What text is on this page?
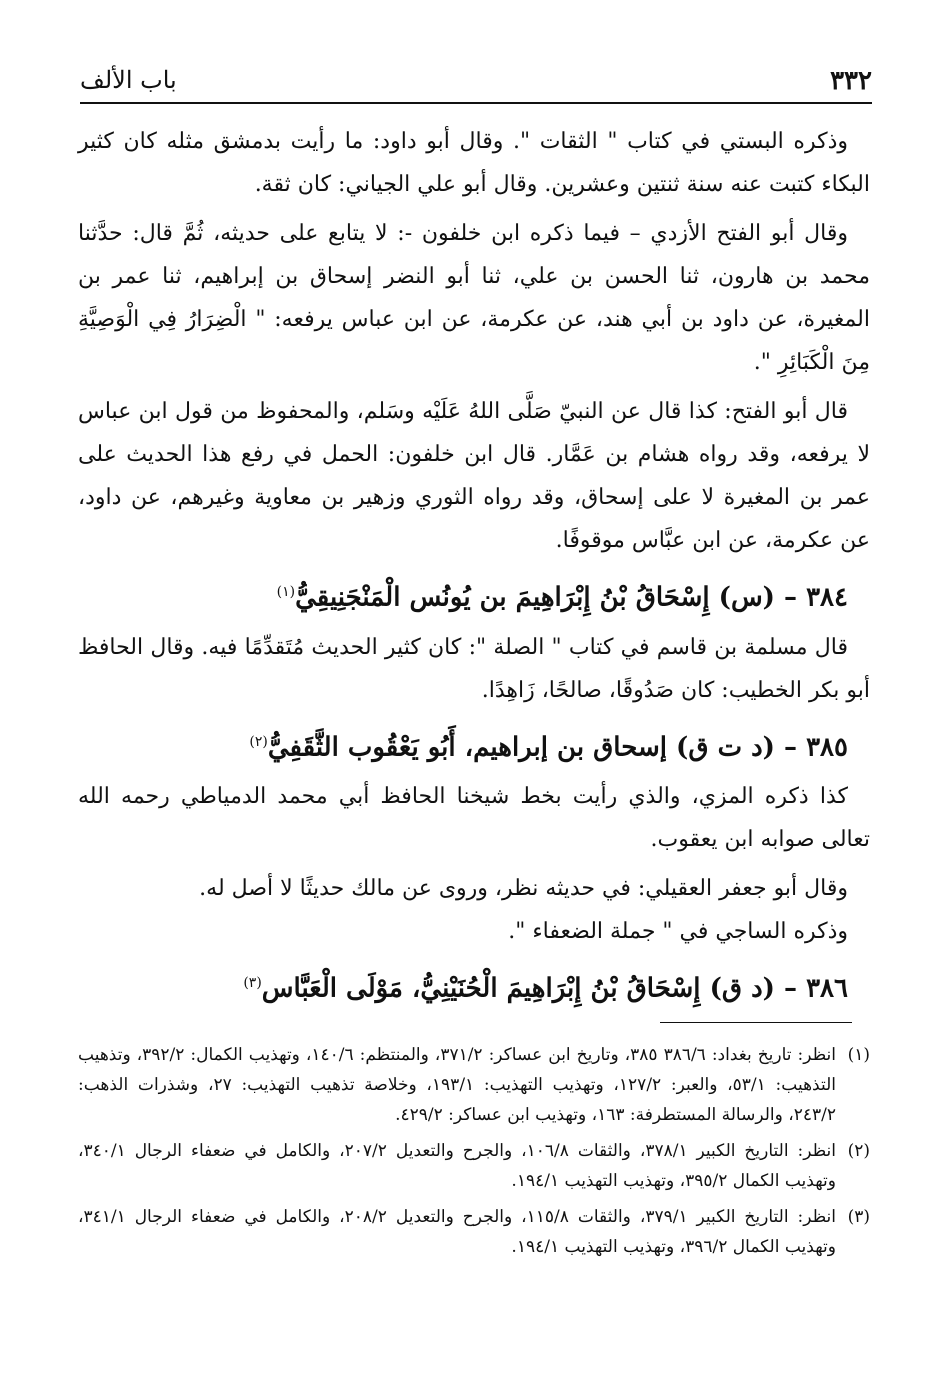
٣٣٢
باب الألف

وذكره البستي في كتاب " الثقات ". وقال أبو داود: ما رأيت بدمشق مثله كان كثير البكاء كتبت عنه سنة ثنتين وعشرين. وقال أبو علي الجياني: كان ثقة.

وقال أبو الفتح الأزدي – فيما ذكره ابن خلفون -: لا يتابع على حديثه، ثُمَّ قال: حدَّثنا محمد بن هارون، ثنا الحسن بن علي، ثنا أبو النضر إسحاق بن إبراهيم، ثنا عمر بن المغيرة، عن داود بن أبي هند، عن عكرمة، عن ابن عباس يرفعه: " الْضِرَارُ فِي الْوَصِيَّةِ مِنَ الْكَبَائِرِ ".

قال أبو الفتح: كذا قال عن النبيّ صَلَّى اللهُ عَلَيْه وسَلم، والمحفوظ من قول ابن عباس لا يرفعه، وقد رواه هشام بن عَمَّار. قال ابن خلفون: الحمل في رفع هذا الحديث على عمر بن المغيرة لا على إسحاق، وقد رواه الثوري وزهير بن معاوية وغيرهم، عن داود، عن عكرمة، عن ابن عبَّاس موقوفًا.

٣٨٤ – (س) إِسْحَاقُ بْنُ إِبْرَاهِيمَ بن يُونُس الْمَنْجَنِيقِيُّ$^{(١)}$

قال مسلمة بن قاسم في كتاب " الصلة ": كان كثير الحديث مُتَقدِّمًا فيه. وقال الحافظ أبو بكر الخطيب: كان صَدُوقًا، صالحًا، زَاهِدًا.

٣٨٥ – (د ت ق) إسحاق بن إبراهيم، أَبُو يَعْقُوب الثَّقَفِيُّ$^{(٢)}$

كذا ذكره المزي، والذي رأيت بخط شيخنا الحافظ أبي محمد الدمياطي رحمه الله تعالى صوابه ابن يعقوب.

وقال أبو جعفر العقيلي: في حديثه نظر، وروى عن مالك حديثًا لا أصل له.

وذكره الساجي في " جملة الضعفاء ".

٣٨٦ – (د ق) إِسْحَاقُ بْنُ إِبْرَاهِيمَ الْحُنَيْنِيُّ، مَوْلَى الْعَبَّاس$^{(٣)}$

(١)
انظر: تاريخ بغداد: ٣٨٦/٦ ٣٨٥، وتاريخ ابن عساكر: ٣٧١/٢، والمنتظم: ١٤٠/٦، وتهذيب الكمال: ٣٩٢/٢، وتذهيب التذهيب: ٥٣/١، والعبر: ١٢٧/٢، وتهذيب التهذيب: ١٩٣/١، وخلاصة تذهيب التهذيب: ٢٧، وشذرات الذهب: ٢٤٣/٢، والرسالة المستطرفة: ١٦٣، وتهذيب ابن عساكر: ٤٢٩/٢.
(٢)
انظر: التاريخ الكبير ٣٧٨/١، والثقات ١٠٦/٨، والجرح والتعديل ٢٠٧/٢، والكامل في ضعفاء الرجال ٣٤٠/١، وتهذيب الكمال ٣٩٥/٢، وتهذيب التهذيب ١٩٤/١.
(٣)
انظر: التاريخ الكبير ٣٧٩/١، والثقات ١١٥/٨، والجرح والتعديل ٢٠٨/٢، والكامل في ضعفاء الرجال ٣٤١/١، وتهذيب الكمال ٣٩٦/٢، وتهذيب التهذيب ١٩٤/١.
